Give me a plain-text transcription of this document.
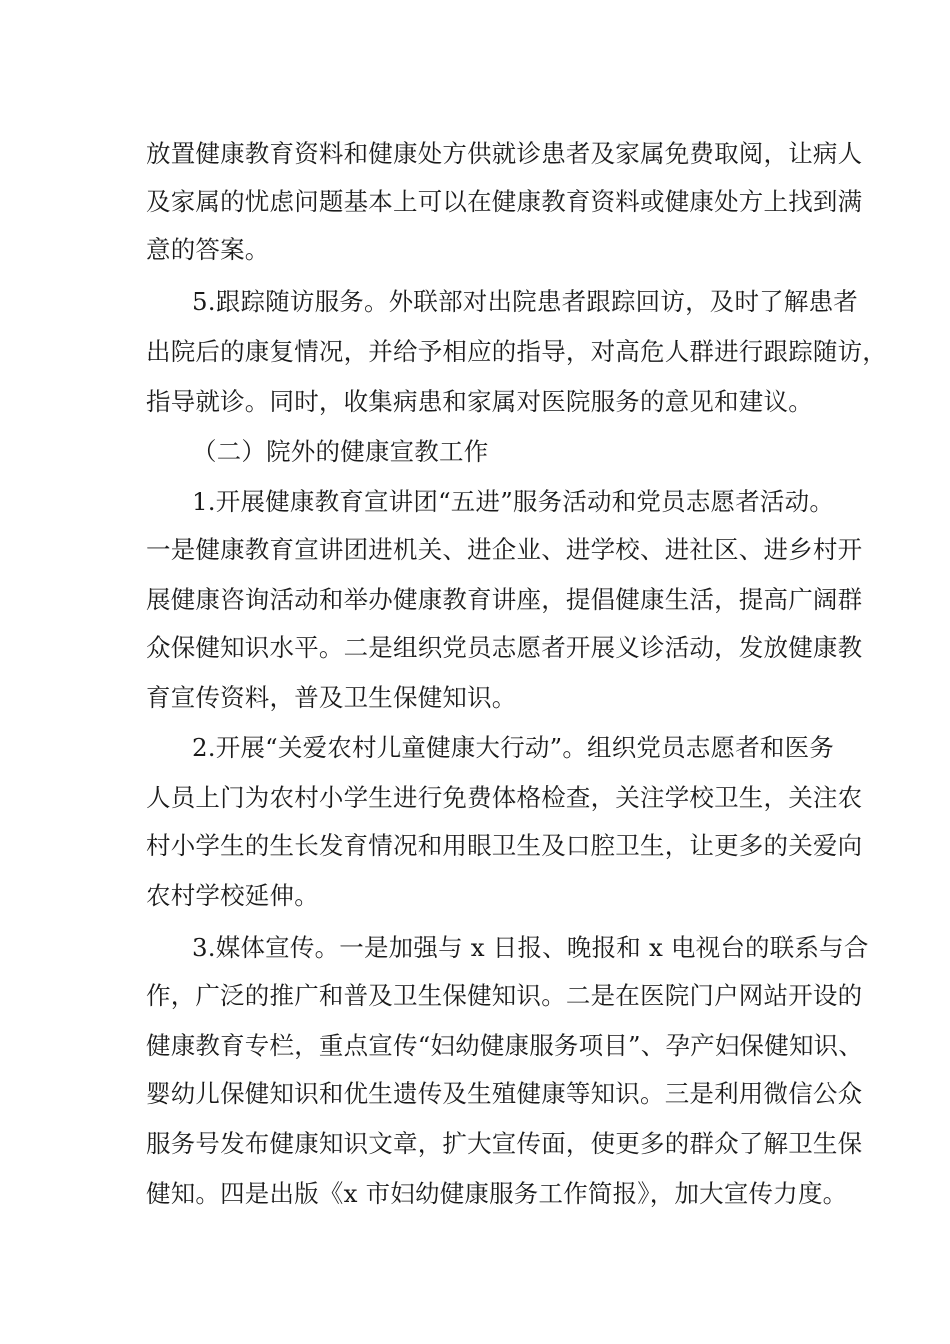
放置健康教育资料和健康处方供就诊患者及家属免费取阅，让病人
及家属的忧虑问题基本上可以在健康教育资料或健康处方上找到满
意的答案。
5.跟踪随访服务。外联部对出院患者跟踪回访，及时了解患者
出院后的康复情况，并给予相应的指导，对高危人群进行跟踪随访，
指导就诊。同时，收集病患和家属对医院服务的意见和建议。
（二）院外的健康宣教工作
1.开展健康教育宣讲团“五进”服务活动和党员志愿者活动。
一是健康教育宣讲团进机关、进企业、进学校、进社区、进乡村开
展健康咨询活动和举办健康教育讲座，提倡健康生活，提高广阔群
众保健知识水平。二是组织党员志愿者开展义诊活动，发放健康教
育宣传资料，普及卫生保健知识。
2.开展“关爱农村儿童健康大行动”。组织党员志愿者和医务
人员上门为农村小学生进行免费体格检查，关注学校卫生，关注农
村小学生的生长发育情况和用眼卫生及口腔卫生，让更多的关爱向
农村学校延伸。
3.媒体宣传。一是加强与 x 日报、晚报和 x 电视台的联系与合
作，广泛的推广和普及卫生保健知识。二是在医院门户网站开设的
健康教育专栏，重点宣传“妇幼健康服务项目”、孕产妇保健知识、
婴幼儿保健知识和优生遗传及生殖健康等知识。三是利用微信公众
服务号发布健康知识文章，扩大宣传面，使更多的群众了解卫生保
健知。四是出版《x 市妇幼健康服务工作简报》，加大宣传力度。
